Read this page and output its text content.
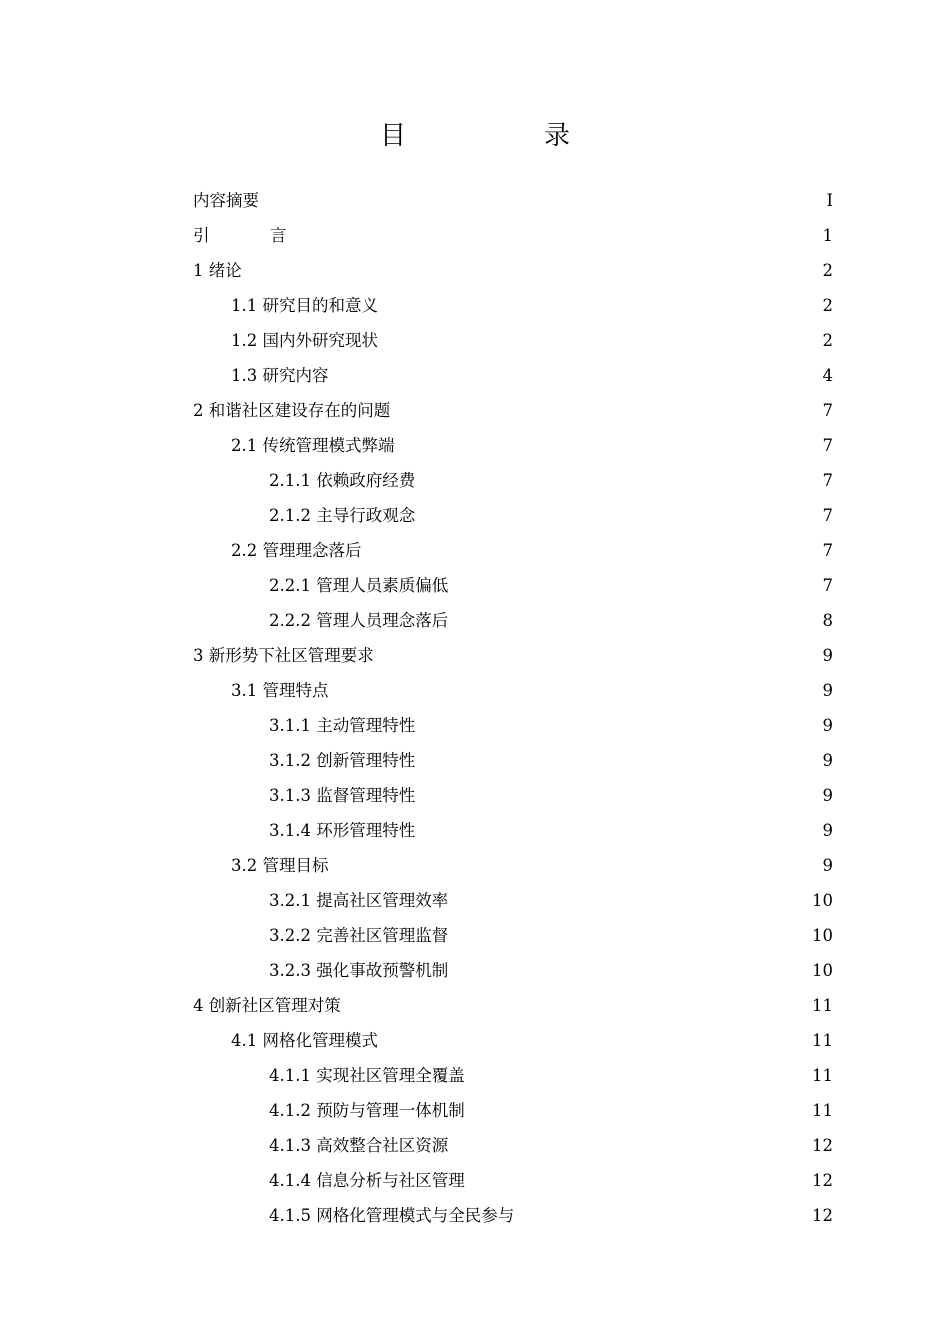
目　录
内容摘要	I
引　言	1
1 绪论	2
1.1 研究目的和意义	2
1.2 国内外研究现状	2
1.3 研究内容	4
2 和谐社区建设存在的问题	7
2.1 传统管理模式弊端	7
2.1.1 依赖政府经费	7
2.1.2 主导行政观念	7
2.2 管理理念落后	7
2.2.1 管理人员素质偏低	7
2.2.2 管理人员理念落后	8
3 新形势下社区管理要求	9
3.1 管理特点	9
3.1.1 主动管理特性	9
3.1.2 创新管理特性	9
3.1.3 监督管理特性	9
3.1.4 环形管理特性	9
3.2 管理目标	9
3.2.1 提高社区管理效率	10
3.2.2 完善社区管理监督	10
3.2.3 强化事故预警机制	10
4 创新社区管理对策	11
4.1 网格化管理模式	11
4.1.1 实现社区管理全覆盖	11
4.1.2 预防与管理一体机制	11
4.1.3 高效整合社区资源	12
4.1.4 信息分析与社区管理	12
4.1.5 网格化管理模式与全民参与	12
